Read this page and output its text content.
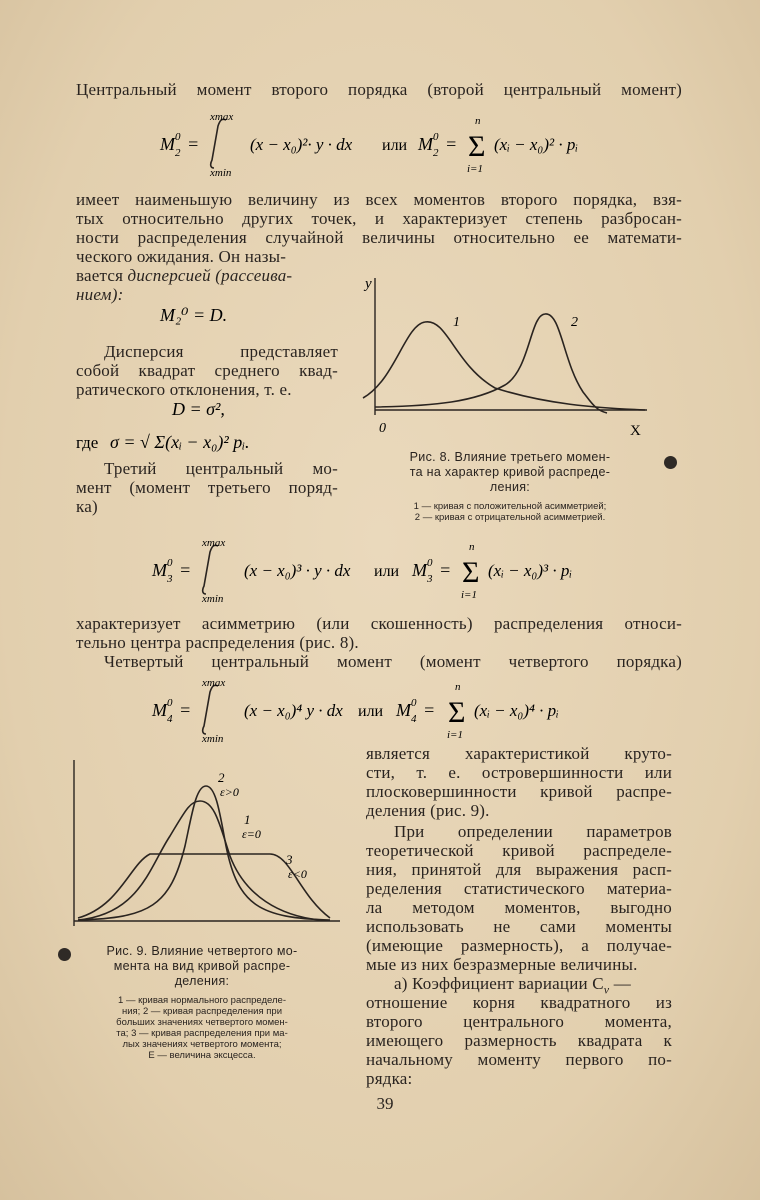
Центральный момент второго порядка (второй центральный момент)
M 0
2 =
xmax
xmin
(x − x₀)²· y · dx или M 0
2 = Σ
n
i=1
(xᵢ − x₀)² · pᵢ
имеет наименьшую величину из всех моментов второго порядка, взя-
тых относительно других точек, и характеризует степень разбросан-
ности распределения случайной величины относительно ее математи-
ческого ожидания. Он назы-
вается дисперсией (рассеива-
нием):
M₂⁰ = D.
Дисперсия представляет
собой квадрат среднего квад-
ратического отклонения, т. е.
D = σ²,
где σ = √ Σ(xᵢ − x₀)² pᵢ.
Третий центральный мо-
мент (момент третьего поряд-
ка)
y
X
0
1	2
Рис. 8. Влияние третьего момен-
та на характер кривой распреде-
ления:
1 — кривая с положительной асимметрией;
2 — кривая с отрицательной асимметрией.
M 0
3 =
xmax
xmin
(x − x₀)³ · y · dx или M 0
3 = Σ
n
i=1
(xᵢ − x₀)³ · pᵢ
характеризует асимметрию (или скошенность) распределения относи-
тельно центра распределения (рис. 8).
Четвертый центральный момент (момент четвертого порядка)
M 0
4 =
xmax
xmin
(x − x₀)⁴ y · dx или M 0
4 = Σ
n
i=1
(xᵢ − x₀)⁴ · pᵢ
2
ε>0
1
ε=0
3
ε<0
Рис. 9. Влияние четвертого мо-
мента на вид кривой распре-
деления:
1 — кривая нормального распределе-
ния; 2 — кривая распределения при
больших значениях четвертого момен-
та; 3 — кривая распределения при ма-
лых значениях четвертого момента;
E — величина эксцесса.
является характеристикой круто-
сти, т. е. островершинности или
плосковершинности кривой распре-
деления (рис. 9).
При определении параметров
теоретической кривой распределе-
ния, принятой для выражения расп-
ределения статистического материа-
ла методом моментов, выгодно
использовать не сами моменты
(имеющие размерность), а получае-
мые из них безразмерные величины.
а) Коэффициент вариации $C_v$ —
отношение корня квадратного из
второго центрального момента,
имеющего размерность квадрата к
начальному моменту первого по-
рядка:
39
